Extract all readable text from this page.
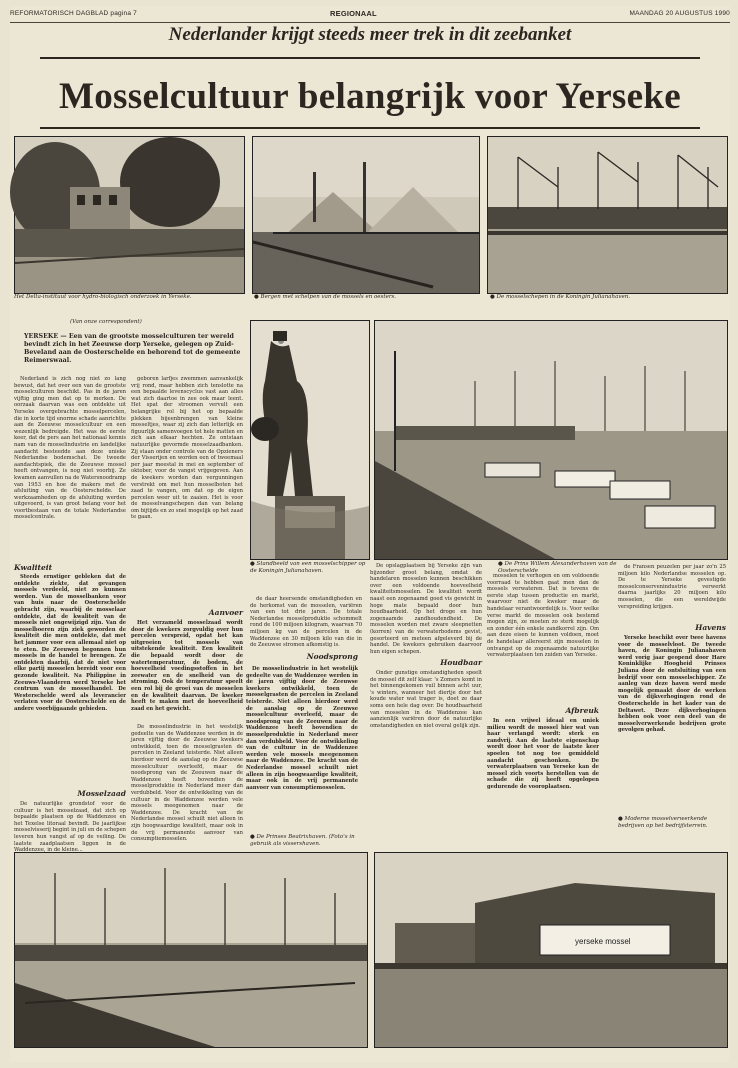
REFORMATORISCH DAGBLAD pagina 7	REGIONAAL	MAANDAG 20 AUGUSTUS 1990
Nederlander krijgt steeds meer trek in dit zeebanket
Mosselcultuur belangrijk voor Yerseke
Het Delta-instituut voor hydro-biologisch onderzoek in Yerseke.	● Bergen met schelpen van de mossels en oesters.	● De mosselschepen in de Koningin Julianahaven.
(Van onze correspondent)
YERSEKE — Een van de grootste mosselculturen ter wereld bevindt zich in het Zeeuwse dorp Yerseke, gelegen op Zuid-Beveland aan de Oosterschelde en behorend tot de gemeente Reimerswaal.

Nederland is zich nog niet zo lang bewust, dat het over een van de grootste mosselculturen beschikt. Pas in de jaren vijftig ging men dat op te merken. De oorzaak daarvan was een ontdekte uit Yerseke overgebrachte mosselpercelen, die in korte tijd enorme schade aanrichtte aan de Zeeuwse mosselcultuur en een wezenlijk bedreigde. Het was de eerste keer, dat de pers aan het nationaal kennis nam van de mosselindustrie en landelijke aandacht besteedde aan deze unieke Nederlandse bodemschat. De tweede aandachtspiek, die de Zeeuwse mossel heeft ontvangen, is nog niet voorbij. Ze kwamen aanvullen na de Watersnoodramp van 1953 en hoe de makers met de afsluiting van de Oosterschelde. De werkzaamheden op de afsluiting werden uitgevoerd, is van groot belang voor het voortbestaan van de totale Nederlandse mosselcentrale.

Kwaliteit

Steeds ernstiger gebleken dat de ontdekte ziekte, dat gevangen mossels verdeeld, niet zo kunnen worden. Van de mosselbanken voor van huis naar de Oosterschelde gebracht zijn, waarbij de mosselaar ontdekte, dat de kwaliteit van de mossels niet ongewijzigd zijn. Van de mosselboeren zijn ziek geworden de kwaliteit die men ontdekte, dat met het jammer voor een allemaal niet op te eten. De Zeeuwen begonnen hun mossels in de handel te brengen. Ze ontdekten daarbij, dat de niet voor elke partij mosselen bereidt voor een gezonde kwaliteit. Na Philippine in Zeeuws-Vlaanderen werd Yerseke het centrum van de mosselhandel. De Westerschelde werd als leverancier verlaten voor de Oosterschelde en de andere voorbijgaande gebieden.

Mosselzaad

De natuurlijke grondstof voor de cultuur is het mosselzaad, dat zich op bepaalde plaatsen op de Waddenzee en het Texelse litoraal bevindt. De jaarlijkse mosselvisserij begint in juli en de schepen leveren hun vangst af op de veiling. De laatste zaadplaatsen liggen in de Waddenzee, in de kleine...

geboren larfjes zwemmen aanvankelijk vrij rond, maar hebben zich tenslotte na een bepaalde levenscyclus vast aan alles wat zich daartoe in zee ook maar leent. Het spat der stroomen vervult een belangrijke rol bij het op bepaalde plekken bijeenbrengen van kleine mosseltjes, waar zij zich dan letterlijk en figuurlijk samenvoegen tot hele matten en zich aan elkaar hechten. Ze ontstaan natuurlijke gevormde mosselzaadbanken. Zij staan onder controle van de Opzieners der Visserijen en worden een of tweemaal per jaar meestal in mei en september of oktober, voor de vangst vrijgegeven. Aan de kwekers worden dan vergunningen verstrekt om met hun mosselboten het zaad te vangen, om dat op de eigen percelen weer uit te zaaien. Het is voor de mosselvangschepen dan van belang om bijtijds en zo snel mogelijk op het zaad te gaan.

Aanvoer

Het verzameld mosselzaad wordt door de kwekers zorgvuldig over hun percelen verspreid, opdat het kan uitgroeien tot mossels van uitstekende kwaliteit. Een kwaliteit die bepaald wordt door de watertemperatuur, de bodem, de hoeveelheid voedingsstoffen in het zeewater en de snelheid van de stroming. Ook de temperatuur speelt een rol bij de groei van de mosselen en de kwaliteit daarvan. De kweker heeft te maken met de hoeveelheid zaad en het gewicht.

Noodsprong

De mosselindustrie in het westelijk gedeelte van de Waddenzee werden in de jaren vijftig door de Zeeuwse kwekers ontwikkeld, toen de mosselgrasten de percelen in Zeeland teisterde. Niet alleen hierdoor werd de aanslag op de Zeeuwse mosselcultuur overleefd, maar de noodsprong van de Zeeuwen naar de Waddenzee heeft bovendien de mosselproduktie in Nederland meer dan verdubbeld. Voor de ontwikkeling van de cultuur in de Waddenzee werden vele mossels meegenomen naar de Waddenzee. De kracht van de Nederlandse mossel schuilt niet alleen in zijn hoogwaardige kwaliteit, maar ook in de vrij permanente aanvoer van consumptiemosselen.

● Standbeeld van een mosselschipper op de Koningin Julianahaven.

de daar heersende omstandigheden en de herkomst van de mosselen, variëren van een tot drie jaren. De totale Nederlandse mosselproduktie schommelt rond de 100 miljoen kilogram, waarvan 70 miljoen kg van de percelen in de Waddenzee en 30 miljoen kilo van die in de Zeeuwse stromen afkomstig is.

De mosselindustrie in het westelijk gedeelte van de Waddenzee werden in de jaren vijftig door de Zeeuwse kwekers ontwikkeld, toen de mosselgrasten de percelen in Zeeland teisterde. Niet alleen hierdoor werd de aanslag op de Zeeuwse mosselcultuur overleefd, maar de noodsprong van de Zeeuwen naar de Waddenzee heeft bovendien de mosselproduktie in Nederland meer dan verdubbeld. Voor de ontwikkeling van de cultuur in de Waddenzee werden vele mossels meegenomen naar de Waddenzee. De kracht van de Nederlandse mossel schuilt niet alleen in zijn hoogwaardige kwaliteit, maar ook in de vrij permanente aanvoer van consumptiemosselen.

● De Prinses Beatrixhaven. (Foto's in gebruik als vissershaven.
● De Prins Willem Alexanderhaven van de Oosterschelde

De opslagplaatsen bij Yerseke zijn van bijzonder groot belang, omdat de handelaren mosselen kunnen beschikken over een voldoende hoeveelheid kwaliteitsmosselen. De kwaliteit wordt naast een zogenaamd goed vis gewicht in hoge mate bepaald door hun houdbaarheid. Op het droge en hun zogenaamde zandhoudendheid. De mosselen worden met zware sleepnetten (korren) van de verwaterbodems gevist, gesorteerd en meteen afgeleverd bij de handel. De kwekers gebruiken daarvoor hun eigen schepen.

Houdbaar

Onder gunstige omstandigheden speelt de mossel dit zelf klaar. 's Zomers komt in het binnengekomen vuil binnen acht uur, 's winters, wanneer het diertje door het koude water wat trager is, doet ze daar soms een hele dag over. De houdbaarheid van mosselen in de Waddenzee kan aanzienlijk variëren door de natuurlijke omstandigheden en niet overal gelijk zijn.

mosselen te verhogen en om voldoende voorraad te hebben gaat men dan de mossels verwateren. Dat is tevens de eerste stap tussen productie en markt, waarvoor niet de kweker maar de handelaar verantwoordelijk is. Voor welke verse markt de mosselen ook bestemd mogen zijn, ze moeten zo sterk mogelijk en zonder één enkele zandkorrel zijn. Om aan deze eisen te kunnen voldoen, moet de handelaar allereerst zijn mosselen in ontvangst op de zogenaamde natuurlijke verwaterplaatsen ten zuiden van Yerseke.

Afbreuk

In een vrijwel ideaal en uniek milieu wordt de mossel hier wat van haar verlangd wordt: sterk en zandvrij. Aan de laatste eigenschap wordt door het voor de laatste keer spoelen tot nog toe gemiddeld aandacht geschonken. De verwaterplaatsen van Yerseke kan de mossel zich voorts herstellen van de schade die zij heeft opgelopen gedurende de vooroplaatsen.

de Fransen peuzelen per jaar zo'n 25 miljoen kilo Nederlandse mosselen op. De te Yerseke gevestigde mosselconservenindustrie verwerkt daarna jaarlijks 20 miljoen kilo mosselen, die een wereldwijde verspreiding krijgen.

Havens

Yerseke beschikt over twee havens voor de mosselvloot. De tweede haven, de Koningin Julianahaven werd vorig jaar geopend door Hare Koninklijke Hoogheid Prinses Juliana door de ontsluiting van een bedrijf voor een mosselschipper. Ze aanleg van deze haven werd mede mogelijk gemaakt door de werken van de dijkverhogingen rond de Oosterschelde in het kader van de Deltawet. Deze dijkverhogingen hebben ook voor een deel van de mosselverwerkende bedrijven grote gevolgen gehad.

● Moderne mosselverwerkende bedrijven op het bedrijfsterrein.
yerseke mossel
